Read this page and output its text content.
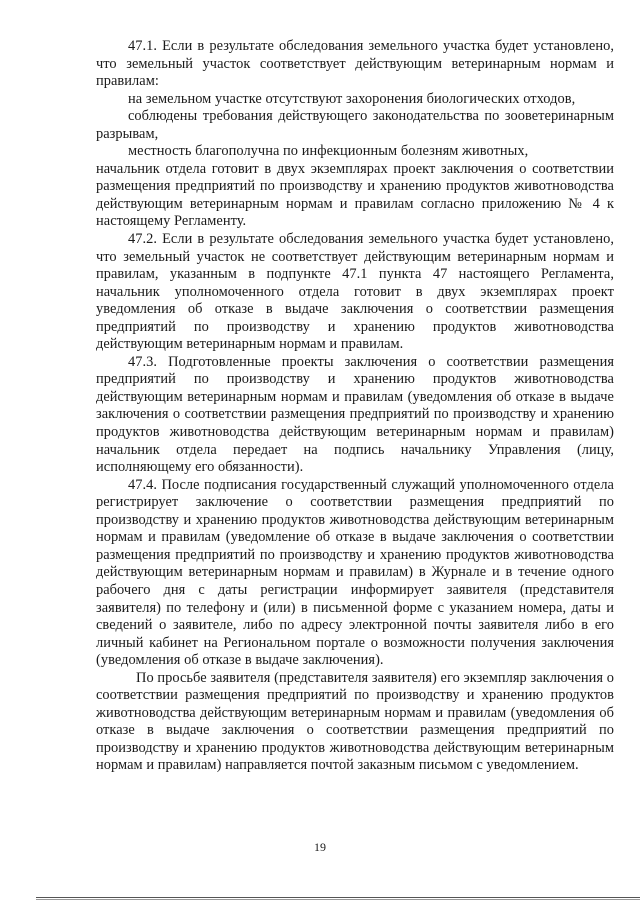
47.1. Если в результате обследования земельного участка будет установлено, что земельный участок соответствует действующим ветеринарным нормам и правилам:

на земельном участке отсутствуют захоронения биологических отходов,

соблюдены требования действующего законодательства по зооветеринарным разрывам,

местность благополучна по инфекционным болезням животных,

начальник отдела готовит в двух экземплярах проект заключения о соответствии размещения предприятий по производству и хранению продуктов животноводства действующим ветеринарным нормам и правилам согласно приложению № 4 к настоящему Регламенту.

47.2. Если в результате обследования земельного участка будет установлено, что земельный участок не соответствует действующим ветеринарным нормам и правилам, указанным в подпункте 47.1 пункта 47 настоящего Регламента, начальник уполномоченного отдела готовит в двух экземплярах проект уведомления об отказе в выдаче заключения о соответствии размещения предприятий по производству и хранению продуктов животноводства действующим ветеринарным нормам и правилам.

47.3. Подготовленные проекты заключения о соответствии размещения предприятий по производству и хранению продуктов животноводства действующим ветеринарным нормам и правилам (уведомления об отказе в выдаче заключения о соответствии размещения предприятий по производству и хранению продуктов животноводства действующим ветеринарным нормам и правилам) начальник отдела передает на подпись начальнику Управления (лицу, исполняющему его обязанности).

47.4. После подписания государственный служащий уполномоченного отдела регистрирует заключение о соответствии размещения предприятий по производству и хранению продуктов животноводства действующим ветеринарным нормам и правилам (уведомление об отказе в выдаче заключения о соответствии размещения предприятий по производству и хранению продуктов животноводства действующим ветеринарным нормам и правилам) в Журнале и в течение одного рабочего дня с даты регистрации информирует заявителя (представителя заявителя) по телефону и (или) в письменной форме с указанием номера, даты и сведений о заявителе, либо по адресу электронной почты заявителя либо в его личный кабинет на Региональном портале о возможности получения заключения (уведомления об отказе в выдаче заключения).

По просьбе заявителя (представителя заявителя) его экземпляр заключения о соответствии размещения предприятий по производству и хранению продуктов животноводства действующим ветеринарным нормам и правилам (уведомления об отказе в выдаче заключения о соответствии размещения предприятий по производству и хранению продуктов животноводства действующим ветеринарным нормам и правилам) направляется почтой заказным письмом с уведомлением.

19
